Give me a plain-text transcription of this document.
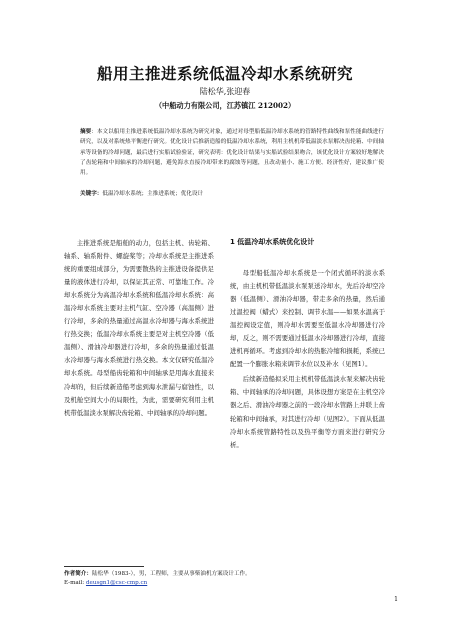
船用主推进系统低温冷却水系统研究
陆松华,张迎春
（中船动力有限公司，江苏镇江 212002）
摘要：本文以船用主推进系统低温冷却水系统为研究对象，通过对母型船低温冷却水系统的管路特性曲线和泵性能曲线进行研究，以及对系统热平衡进行研究。优化设计后推新造船的低温冷却水系统，利用主机机带低温淡水泵解决齿轮箱、中间轴承等设备的冷却问题，最后进行实船试验验证，研究表明：优化设计结果与实船试验结果吻合，该优化设计方案较好地解决了齿轮箱和中间轴承的冷却问题，避免海水直接冷却带来的腐蚀等问题，且改动量小、施工方便、经济性好，建议推广使用。
关键字：低温冷却水系统；主推进系统；优化设计

主推进系统是船舶的动力，包括主机、齿轮箱、轴系、轴系附件、螺旋桨等；冷却水系统是主推进系统的重要组成部分，为需要散热的主推进设备提供足量的液体进行冷却，以保证其正常、可靠地工作。冷却水系统分为高温冷却水系统和低温冷却水系统：高温冷却水系统主要对主机气缸、空冷器（高温侧）进行冷却，多余的热量通过高温水冷却器与海水系统进行热交换；低温冷却水系统主要是对主机空冷器（低温侧）、滑油冷却器进行冷却，多余的热量通过低温水冷却器与海水系统进行热交换。本文仅研究低温冷却水系统。母型船齿轮箱和中间轴承是用海水直接来冷却的，但后续新造船考虑到海水泄漏与腐蚀性，以及机舱空间大小的局限性，为此，需要研究利用主机机带低温淡水泵解决齿轮箱、中间轴承的冷却问题。

1 低温冷却水系统优化设计

母型船低温冷却水系统是一个闭式循环的淡水系统，由主机机带低温淡水泵泵送冷却水，先后冷却空冷器（低温侧）、滑油冷却器，带走多余的热量，然后通过温控阀（蜡式）来控制、调节水温——如果水温高于温控阀设定值，则冷却水需要至低温水冷却器进行冷却，反之，则不需要通过低温水冷却器进行冷却，直接进机再循环。考虑到冷却水的热胀冷缩和损耗，系统已配置一个膨胀水箱来调节水位以及补水（见图1）。

后续新造船拟采用主机机带低温淡水泵来解决齿轮箱、中间轴承的冷却问题，具体设想方案是在主机空冷器之后、滑油冷却器之前的一段冷却水管路上并联上齿轮箱和中间轴承，对其进行冷却（见图2）。下面从低温冷却水系统管路特性以及热平衡等方面来进行研究分析。

作者简介：陆松华（1983-），男，工程师，主要从事柴油机方案设计工作。
E-mail: deusgn1@csc-cmp.cn
1
